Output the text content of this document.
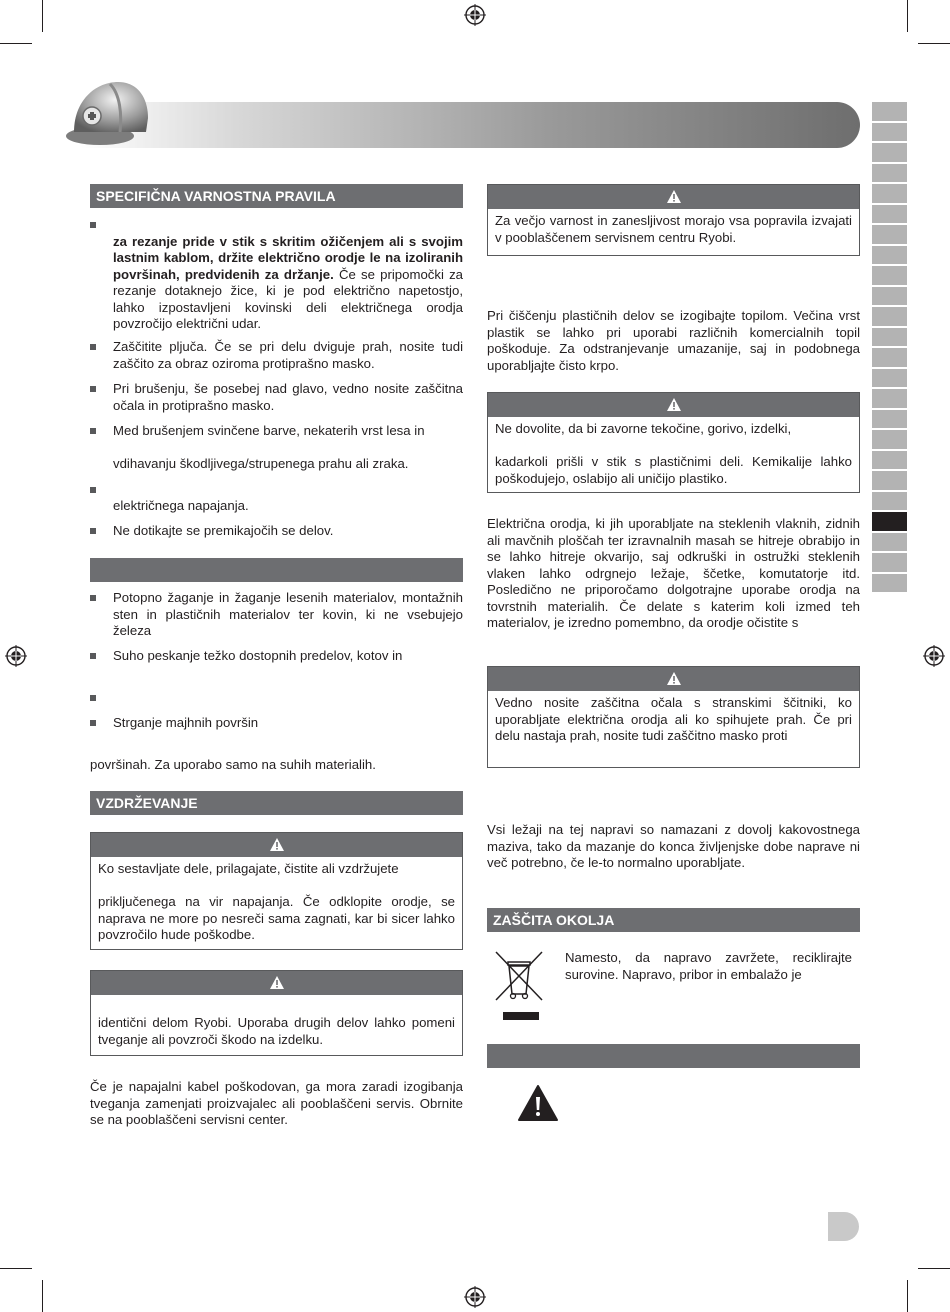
SPECIFIČNA VARNOSTNA PRAVILA

za rezanje pride v stik s skritim ožičenjem ali s svojim lastnim kablom, držite električno orodje le na izoliranih površinah, predvidenih za držanje. Če se pripomočki za rezanje dotaknejo žice, ki je pod električno napetostjo, lahko izpostavljeni kovinski deli električnega orodja povzročijo električni udar.
Zaščitite pljuča. Če se pri delu dviguje prah, nosite tudi zaščito za obraz oziroma protiprašno masko.
Pri brušenju, še posebej nad glavo, vedno nosite zaščitna očala in protiprašno masko.
Med brušenjem svinčene barve, nekaterih vrst lesa in
vdihavanju škodljivega/strupenega prahu ali zraka.
električnega napajanja.
Ne dotikajte se premikajočih se delov.
Potopno žaganje in žaganje lesenih materialov, montažnih sten in plastičnih materialov ter kovin, ki ne vsebujejo železa
Suho peskanje težko dostopnih predelov, kotov in
Strganje majhnih površin
površinah. Za uporabo samo na suhih materialih.
VZDRŽEVANJE
Ko sestavljate dele, prilagajate, čistite ali vzdržujete
priključenega na vir napajanja. Če odklopite orodje, se naprava ne more po nesreči sama zagnati, kar bi sicer lahko povzročilo hude poškodbe.
identični delom Ryobi. Uporaba drugih delov lahko pomeni tveganje ali povzroči škodo na izdelku.
Če je napajalni kabel poškodovan, ga mora zaradi izogibanja tveganja zamenjati proizvajalec ali pooblaščeni servis. Obrnite se na pooblaščeni servisni center.
Za večjo varnost in zanesljivost morajo vsa popravila izvajati v pooblaščenem servisnem centru Ryobi.
Pri čiščenju plastičnih delov se izogibajte topilom. Večina vrst plastik se lahko pri uporabi različnih komercialnih topil poškoduje. Za odstranjevanje umazanije, saj in podobnega uporabljajte čisto krpo.
Ne dovolite, da bi zavorne tekočine, gorivo, izdelki,
kadarkoli prišli v stik s plastičnimi deli. Kemikalije lahko poškodujejo, oslabijo ali uničijo plastiko.
Električna orodja, ki jih uporabljate na steklenih vlaknih, zidnih ali mavčnih ploščah ter izravnalnih masah se hitreje obrabijo in se lahko hitreje okvarijo, saj odkruški in ostružki steklenih vlaken lahko odrgnejo ležaje, ščetke, komutatorje itd. Posledično ne priporočamo dolgotrajne uporabe orodja na tovrstnih materialih. Če delate s katerim koli izmed teh materialov, je izredno pomembno, da orodje očistite s
Vedno nosite zaščitna očala s stranskimi ščitniki, ko uporabljate električna orodja ali ko spihujete prah. Če pri delu nastaja prah, nosite tudi zaščitno masko proti
Vsi ležaji na tej napravi so namazani z dovolj kakovostnega maziva, tako da mazanje do konca življenjske dobe naprave ni več potrebno, če le-to normalno uporabljate.
ZAŠČITA OKOLJA
Namesto, da napravo zavržete, reciklirajte surovine. Napravo, pribor in embalažo je
